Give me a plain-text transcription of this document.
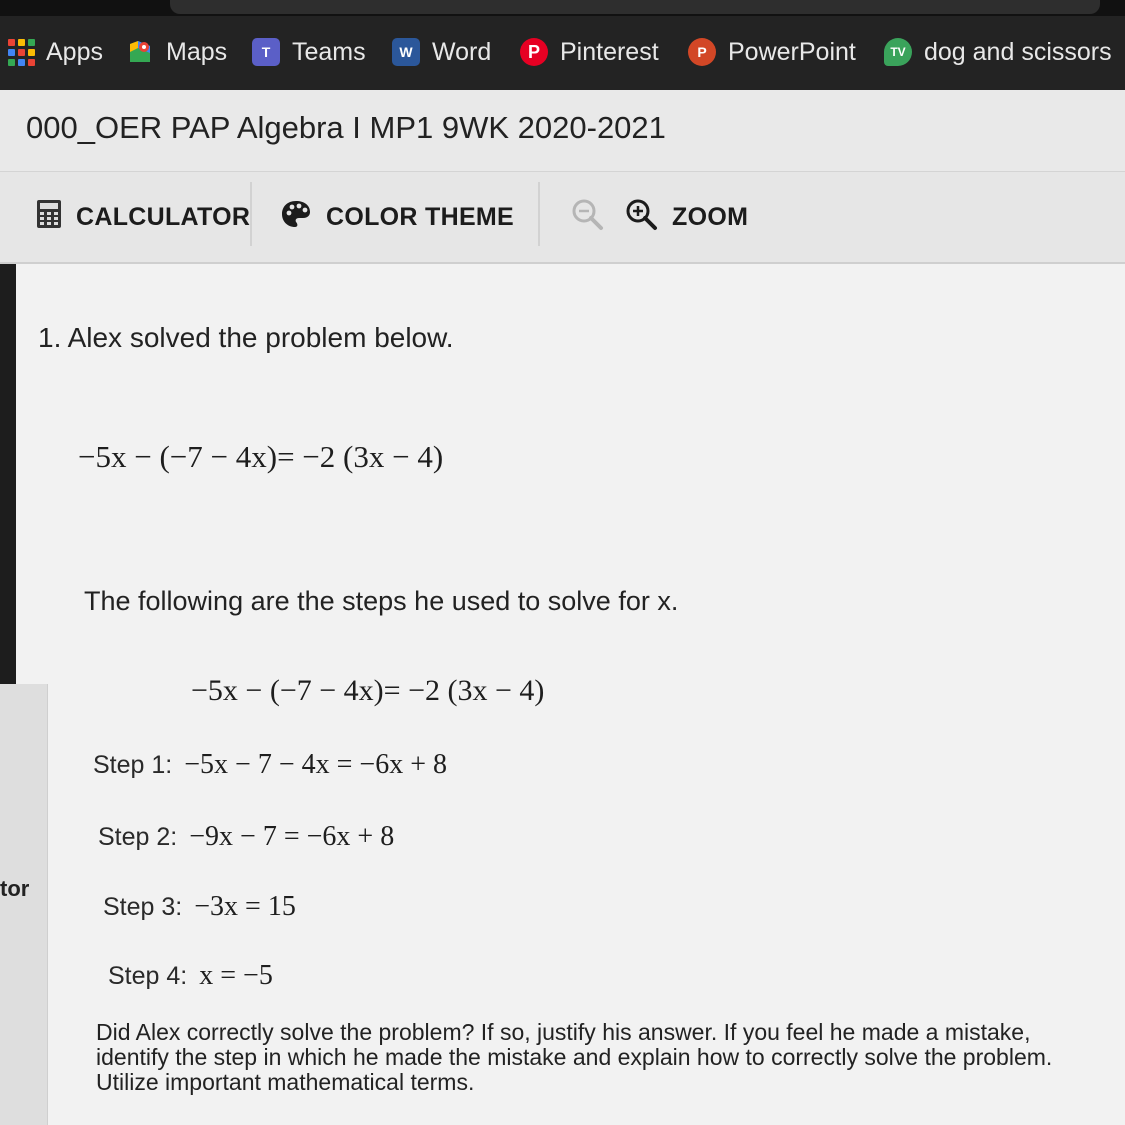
Apps	Maps	T Teams	W Word	P Pinterest	P PowerPoint	TV dog and scissors
000_OER PAP Algebra I MP1 9WK 2020-2021
CALCULATOR	COLOR THEME	ZOOM
1. Alex solved the problem below.
−5x − (−7 − 4x)= −2 (3x − 4)
The following are the steps he used to solve for x.
−5x − (−7 − 4x)= −2 (3x − 4)
Step 1: −5x − 7 − 4x = −6x + 8
Step 2: −9x − 7 = −6x + 8
Step 3: −3x = 15
Step 4: x = −5
tor
Did Alex correctly solve the problem? If so, justify his answer. If you feel he made a mistake, identify the step in which he made the mistake and explain how to correctly solve the problem. Utilize important mathematical terms.
